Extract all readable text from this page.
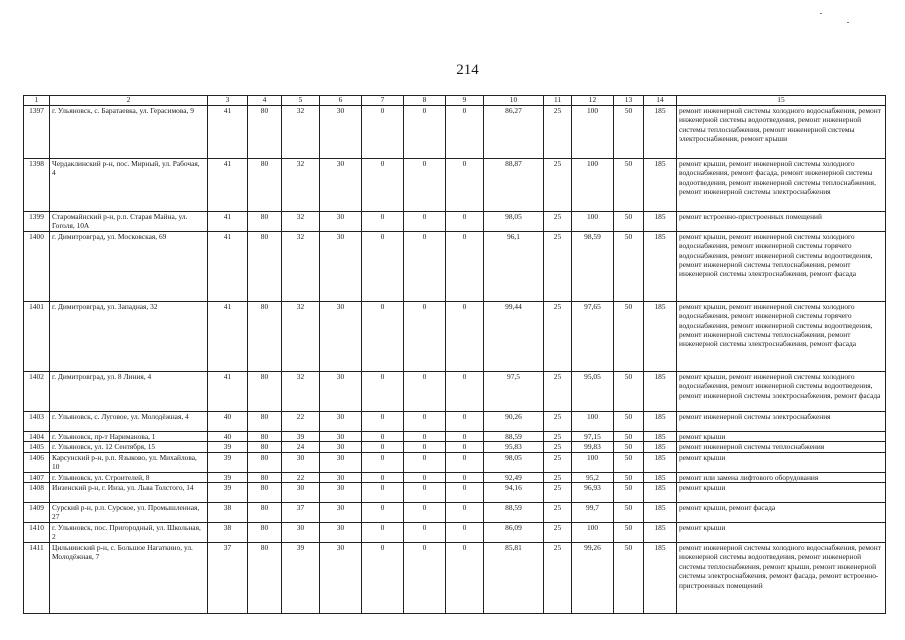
214
1	2	3	4	5	6	7	8	9	10	11	12	13	14	15
1397	г. Ульяновск, с. Баратаевка, ул. Герасимова, 9	41	80	32	30	0	0	0	86,27	25	100	50	185	ремонт инженерной системы холодного водоснабжения, ремонт инженерной системы водоотведения, ремонт инженерной системы теплоснабжения, ремонт инженерной системы электроснабжения, ремонт крыши
1398	Чердаклинский р-н, пос. Мирный, ул. Рабочая, 4	41	80	32	30	0	0	0	88,87	25	100	50	185	ремонт крыши, ремонт инженерной системы холодного водоснабжения, ремонт фасада, ремонт инженерной системы водоотведения, ремонт инженерной системы теплоснабжения, ремонт инженерной системы электроснабжения
1399	Старомайнский р-н, р.п. Старая Майна, ул. Гоголя, 10А	41	80	32	30	0	0	0	98,05	25	100	50	185	ремонт встроенно-пристроенных помещений
1400	г. Димитровград, ул. Московская, 69	41	80	32	30	0	0	0	96,1	25	98,59	50	185	ремонт крыши, ремонт инженерной системы холодного водоснабжения, ремонт инженерной системы горячего водоснабжения, ремонт инженерной системы водоотведения, ремонт инженерной системы теплоснабжения, ремонт инженерной системы электроснабжения, ремонт фасада
1401	г. Димитровград, ул. Западная, 32	41	80	32	30	0	0	0	99,44	25	97,65	50	185	ремонт крыши, ремонт инженерной системы холодного водоснабжения, ремонт инженерной системы горячего водоснабжения, ремонт инженерной системы водоотведения, ремонт инженерной системы теплоснабжения, ремонт инженерной системы электроснабжения, ремонт фасада
1402	г. Димитровград, ул. 8 Линия, 4	41	80	32	30	0	0	0	97,5	25	95,05	50	185	ремонт крыши, ремонт инженерной системы холодного водоснабжения, ремонт инженерной системы водоотведения, ремонт инженерной системы электроснабжения, ремонт фасада
1403	г. Ульяновск, с. Луговое, ул. Молодёжная, 4	40	80	22	30	0	0	0	90,26	25	100	50	185	ремонт инженерной системы электроснабжения
1404	г. Ульяновск, пр-т Нариманова, 1	40	80	39	30	0	0	0	88,59	25	97,15	50	185	ремонт крыши
1405	г. Ульяновск, ул. 12 Сентября, 15	39	80	24	30	0	0	0	95,83	25	99,83	50	185	ремонт инженерной системы теплоснабжения
1406	Карсунский р-н, р.п. Языково, ул. Михайлова, 10	39	80	30	30	0	0	0	98,05	25	100	50	185	ремонт крыши
1407	г. Ульяновск, ул. Строителей, 8	39	80	22	30	0	0	0	92,49	25	95,2	50	185	ремонт или замена лифтового оборудования
1408	Инзенский р-н, г. Инза, ул. Льва Толстого, 14	39	80	30	30	0	0	0	94,16	25	96,93	50	185	ремонт крыши
1409	Сурский р-н, р.п. Сурское, ул. Промышленная, 27	38	80	37	30	0	0	0	88,59	25	99,7	50	185	ремонт крыши, ремонт фасада
1410	г. Ульяновск, пос. Пригородный, ул. Школьная, 2	38	80	30	30	0	0	0	86,09	25	100	50	185	ремонт крыши
1411	Цильнинский р-н, с. Большое Нагаткино, ул. Молодёжная, 7	37	80	39	30	0	0	0	85,81	25	99,26	50	185	ремонт инженерной системы холодного водоснабжения, ремонт инженерной системы водоотведения, ремонт инженерной системы теплоснабжения, ремонт крыши, ремонт инженерной системы электроснабжения, ремонт фасада, ремонт встроенно-пристроенных помещений
